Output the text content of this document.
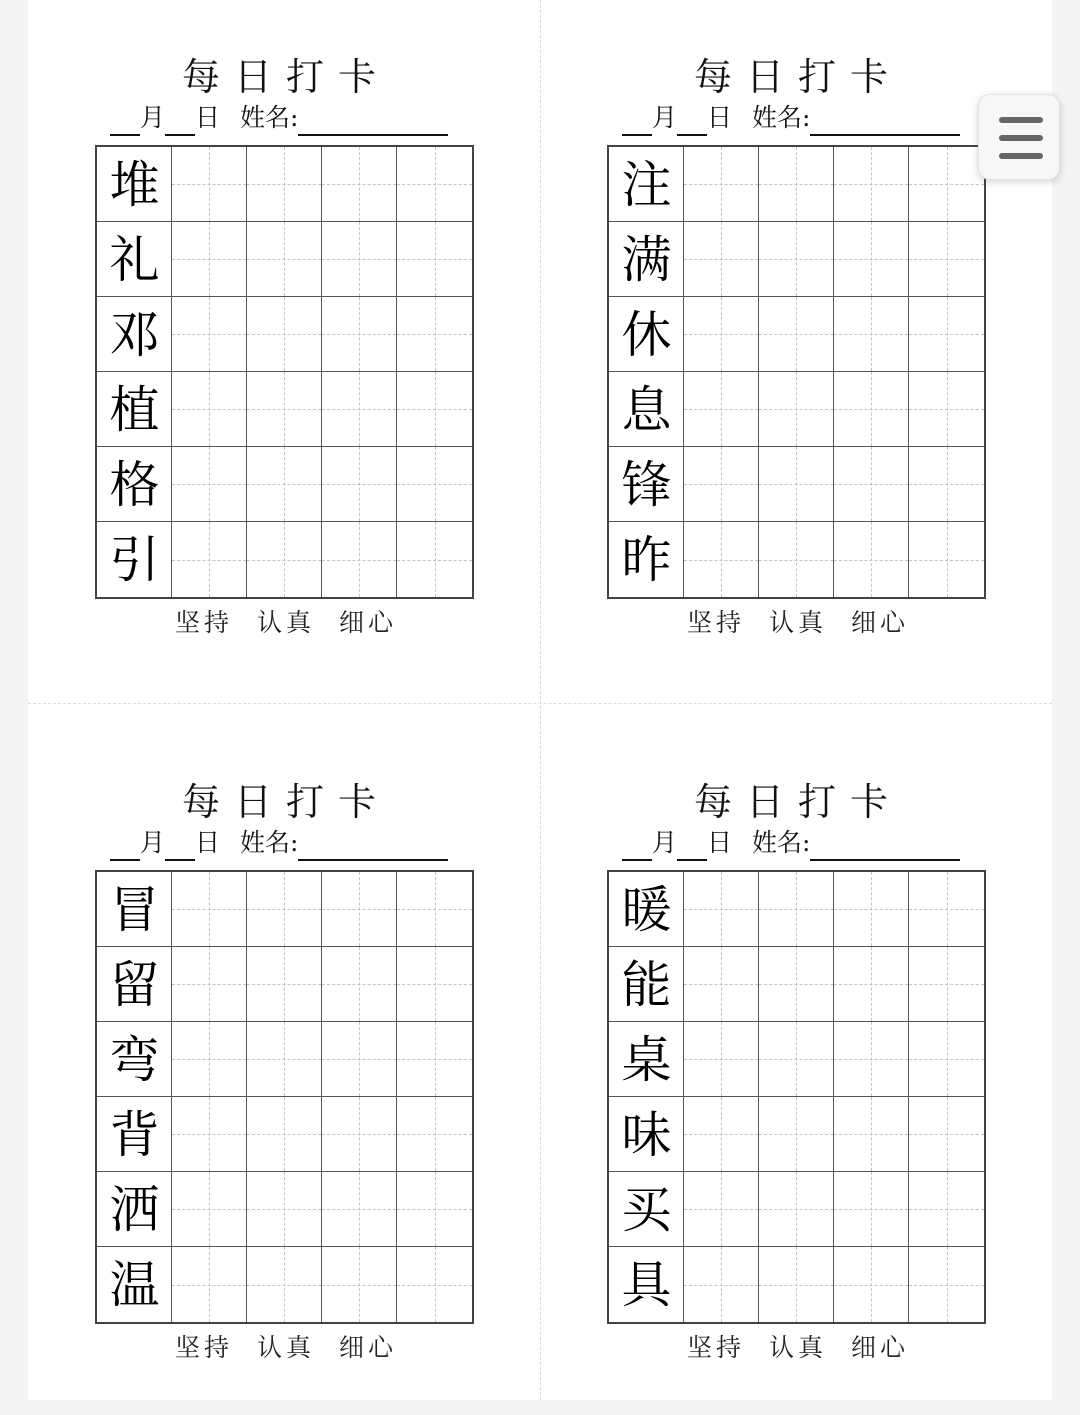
每日打卡
月 日 姓名:
堆
礼
邓
植
格
引
坚持 认真 细心
每日打卡
月 日 姓名:
注
满
休
息
锋
昨
坚持 认真 细心
每日打卡
月 日 姓名:
冒
留
弯
背
洒
温
坚持 认真 细心
每日打卡
月 日 姓名:
暖
能
桌
味
买
具
坚持 认真 细心
